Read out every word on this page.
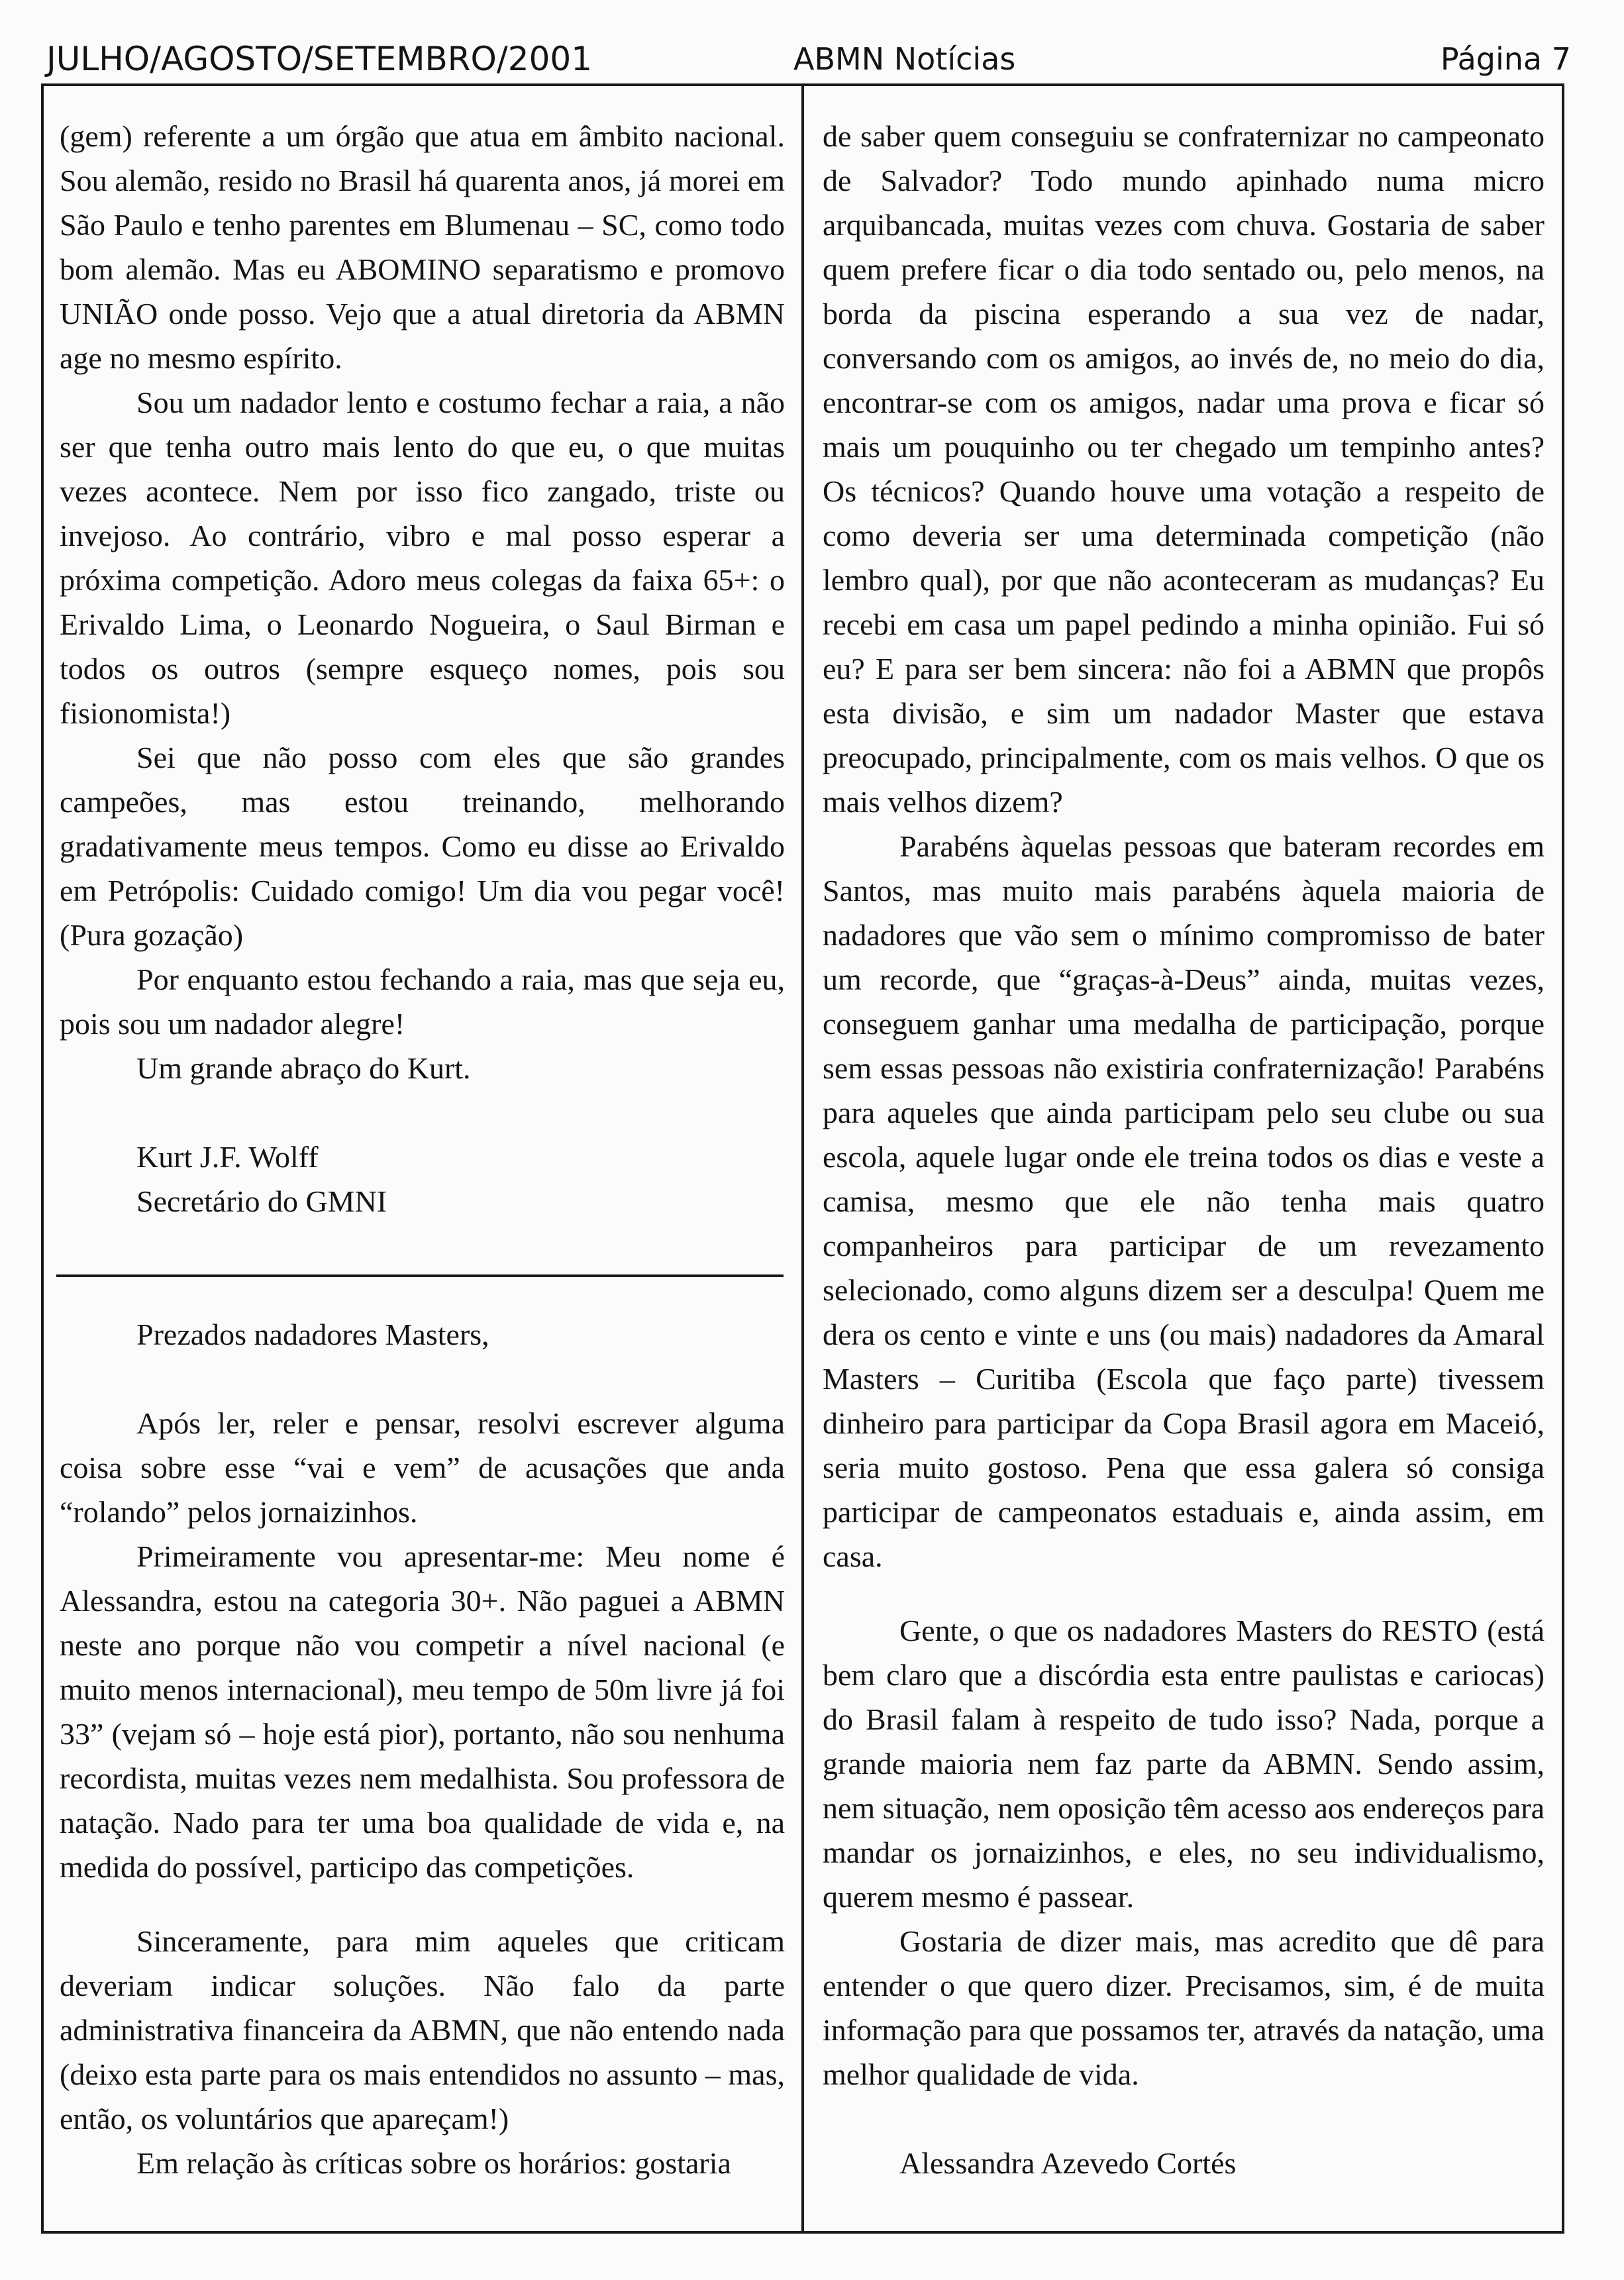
JULHO/AGOSTO/SETEMBRO/2001	ABMN Notícias	Página 7

(gem) referente a um órgão que atua em âmbito nacional. Sou alemão, resido no Brasil há quarenta anos, já morei em São Paulo e tenho parentes em Blumenau – SC, como todo bom alemão. Mas eu ABOMINO separatismo e promovo UNIÃO onde posso. Vejo que a atual diretoria da ABMN age no mesmo espírito.

Sou um nadador lento e costumo fechar a raia, a não ser que tenha outro mais lento do que eu, o que muitas vezes acontece. Nem por isso fico zangado, triste ou invejoso. Ao contrário, vibro e mal posso esperar a próxima competição. Adoro meus colegas da faixa 65+: o Erivaldo Lima, o Leonardo Nogueira, o Saul Birman e todos os outros (sempre esqueço nomes, pois sou fisionomista!)

Sei que não posso com eles que são grandes campeões, mas estou treinando, melhorando gradativamente meus tempos. Como eu disse ao Erivaldo em Petrópolis: Cuidado comigo! Um dia vou pegar você! (Pura gozação)

Por enquanto estou fechando a raia, mas que seja eu, pois sou um nadador alegre!

Um grande abraço do Kurt.

Kurt J.F. Wolff

Secretário do GMNI

Prezados nadadores Masters,

Após ler, reler e pensar, resolvi escrever alguma coisa sobre esse “vai e vem” de acusações que anda “rolando” pelos jornaizinhos.

Primeiramente vou apresentar-me: Meu nome é Alessandra, estou na categoria 30+. Não paguei a ABMN neste ano porque não vou competir a nível nacional (e muito menos internacional), meu tempo de 50m livre já foi 33” (vejam só – hoje está pior), portanto, não sou nenhuma recordista, muitas vezes nem medalhista. Sou professora de natação. Nado para ter uma boa qualidade de vida e, na medida do possível, participo das competições.

Sinceramente, para mim aqueles que criticam deveriam indicar soluções. Não falo da parte administrativa financeira da ABMN, que não entendo nada (deixo esta parte para os mais entendidos no assunto – mas, então, os voluntários que apareçam!)

Em relação às críticas sobre os horários: gostaria

de saber quem conseguiu se confraternizar no campeonato de Salvador? Todo mundo apinhado numa micro arquibancada, muitas vezes com chuva. Gostaria de saber quem prefere ficar o dia todo sentado ou, pelo menos, na borda da piscina esperando a sua vez de nadar, conversando com os amigos, ao invés de, no meio do dia, encontrar-se com os amigos, nadar uma prova e ficar só mais um pouquinho ou ter chegado um tempinho antes? Os técnicos? Quando houve uma votação a respeito de como deveria ser uma determinada competição (não lembro qual), por que não aconteceram as mudanças? Eu recebi em casa um papel pedindo a minha opinião. Fui só eu? E para ser bem sincera: não foi a ABMN que propôs esta divisão, e sim um nadador Master que estava preocupado, principalmente, com os mais velhos. O que os mais velhos dizem?

Parabéns àquelas pessoas que bateram recordes em Santos, mas muito mais parabéns àquela maioria de nadadores que vão sem o mínimo compromisso de bater um recorde, que “graças-à-Deus” ainda, muitas vezes, conseguem ganhar uma medalha de participação, porque sem essas pessoas não existiria confraternização! Parabéns para aqueles que ainda participam pelo seu clube ou sua escola, aquele lugar onde ele treina todos os dias e veste a camisa, mesmo que ele não tenha mais quatro companheiros para participar de um revezamento selecionado, como alguns dizem ser a desculpa! Quem me dera os cento e vinte e uns (ou mais) nadadores da Amaral Masters – Curitiba (Escola que faço parte) tivessem dinheiro para participar da Copa Brasil agora em Maceió, seria muito gostoso. Pena que essa galera só consiga participar de campeonatos estaduais e, ainda assim, em casa.

Gente, o que os nadadores Masters do RESTO (está bem claro que a discórdia esta entre paulistas e cariocas) do Brasil falam à respeito de tudo isso? Nada, porque a grande maioria nem faz parte da ABMN. Sendo assim, nem situação, nem oposição têm acesso aos endereços para mandar os jornaizinhos, e eles, no seu individualismo, querem mesmo é passear.

Gostaria de dizer mais, mas acredito que dê para entender o que quero dizer. Precisamos, sim, é de muita informação para que possamos ter, através da natação, uma melhor qualidade de vida.

Alessandra Azevedo Cortés
